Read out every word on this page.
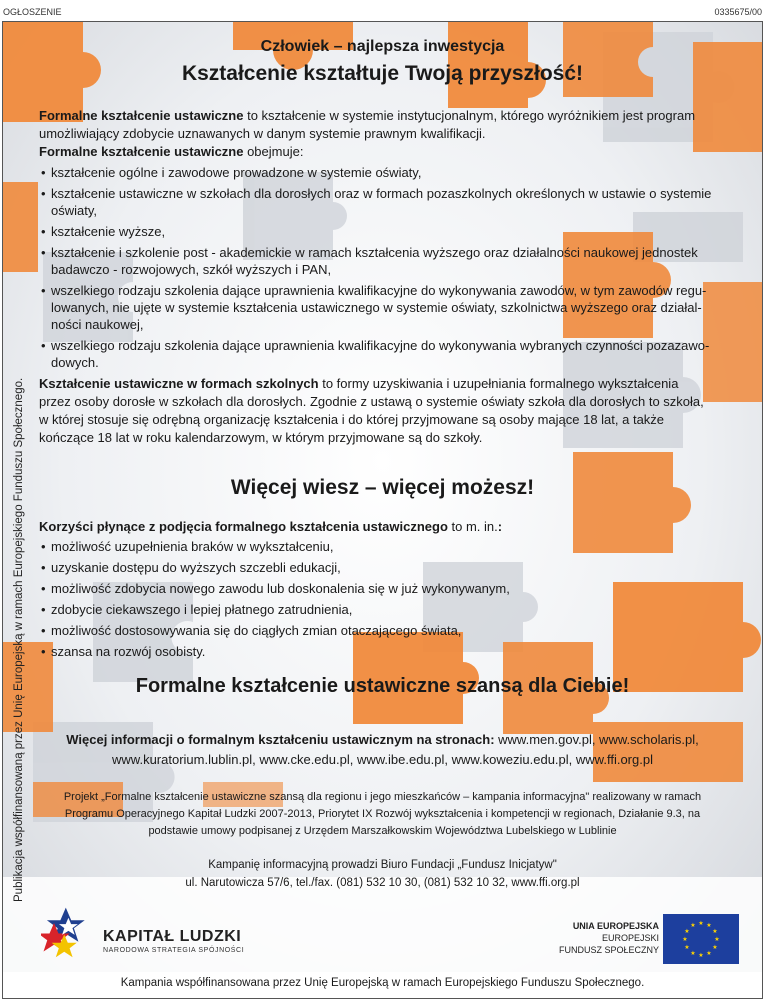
OGŁOSZENIE	0335675/00
Publikacja współfinansowaną przez Unię Europejską w ramach Europejskiego Funduszu Społecznego.
Człowiek – najlepsza inwestycja
Kształcenie kształtuje Twoją przyszłość!
Formalne kształcenie ustawiczne to kształcenie w systemie instytucjonalnym, którego wyróżnikiem jest program
umożliwiający zdobycie uznawanych w danym systemie prawnym kwalifikacji.
Formalne kształcenie ustawiczne obejmuje:
• kształcenie ogólne i zawodowe prowadzone w systemie oświaty,
• kształcenie ustawiczne w szkołach dla dorosłych oraz w formach pozaszkolnych określonych w ustawie o systemie
oświaty,
• kształcenie wyższe,
• kształcenie i szkolenie post - akademickie w ramach kształcenia wyższego oraz działalności naukowej jednostek
badawczo - rozwojowych, szkół wyższych i PAN,
• wszelkiego rodzaju szkolenia dające uprawnienia kwalifikacyjne do wykonywania zawodów, w tym zawodów regu-
lowanych, nie ujęte w systemie kształcenia ustawicznego w systemie oświaty, szkolnictwa wyższego oraz działal-
ności naukowej,
• wszelkiego rodzaju szkolenia dające uprawnienia kwalifikacyjne do wykonywania wybranych czynności pozazawo-
dowych.
Kształcenie ustawiczne w formach szkolnych to formy uzyskiwania i uzupełniania formalnego wykształcenia
przez osoby dorosłe w szkołach dla dorosłych. Zgodnie z ustawą o systemie oświaty szkoła dla dorosłych to szkoła,
w której stosuje się odrębną organizację kształcenia i do której przyjmowane są osoby mające 18 lat, a także
kończące 18 lat w roku kalendarzowym, w którym przyjmowane są do szkoły.
Więcej wiesz – więcej możesz!
Korzyści płynące z podjęcia formalnego kształcenia ustawicznego to m. in.:
• możliwość uzupełnienia braków w wykształceniu,
• uzyskanie dostępu do wyższych szczebli edukacji,
• możliwość zdobycia nowego zawodu lub doskonalenia się w już wykonywanym,
• zdobycie ciekawszego i lepiej płatnego zatrudnienia,
• możliwość dostosowywania się do ciągłych zmian otaczającego świata,
• szansa na rozwój osobisty.
Formalne kształcenie ustawiczne szansą dla Ciebie!
Więcej informacji o formalnym kształceniu ustawicznym na stronach: www.men.gov.pl, www.scholaris.pl,
www.kuratorium.lublin.pl, www.cke.edu.pl, www.ibe.edu.pl, www.koweziu.edu.pl, www.ffi.org.pl
Projekt „Formalne kształcenie ustawiczne szansą dla regionu i jego mieszkańców – kampania informacyjna" realizowany w ramach
Programu Operacyjnego Kapitał Ludzki 2007-2013, Priorytet IX Rozwój wykształcenia i kompetencji w regionach, Działanie 9.3, na
podstawie umowy podpisanej z Urzędem Marszałkowskim Województwa Lubelskiego w Lublinie
Kampanię informacyjną prowadzi Biuro Fundacji „Fundusz Inicjatyw"
ul. Narutowicza 57/6, tel./fax. (081) 532 10 30, (081) 532 10 32, www.ffi.org.pl
KAPITAŁ LUDZKI
NARODOWA STRATEGIA SPÓJNOŚCI
UNIA EUROPEJSKA
EUROPEJSKI
FUNDUSZ SPOŁECZNY
★ ★
★
★
★
★
★
★
★
★
★
★
Kampania współfinansowana przez Unię Europejską w ramach Europejskiego Funduszu Społecznego.
